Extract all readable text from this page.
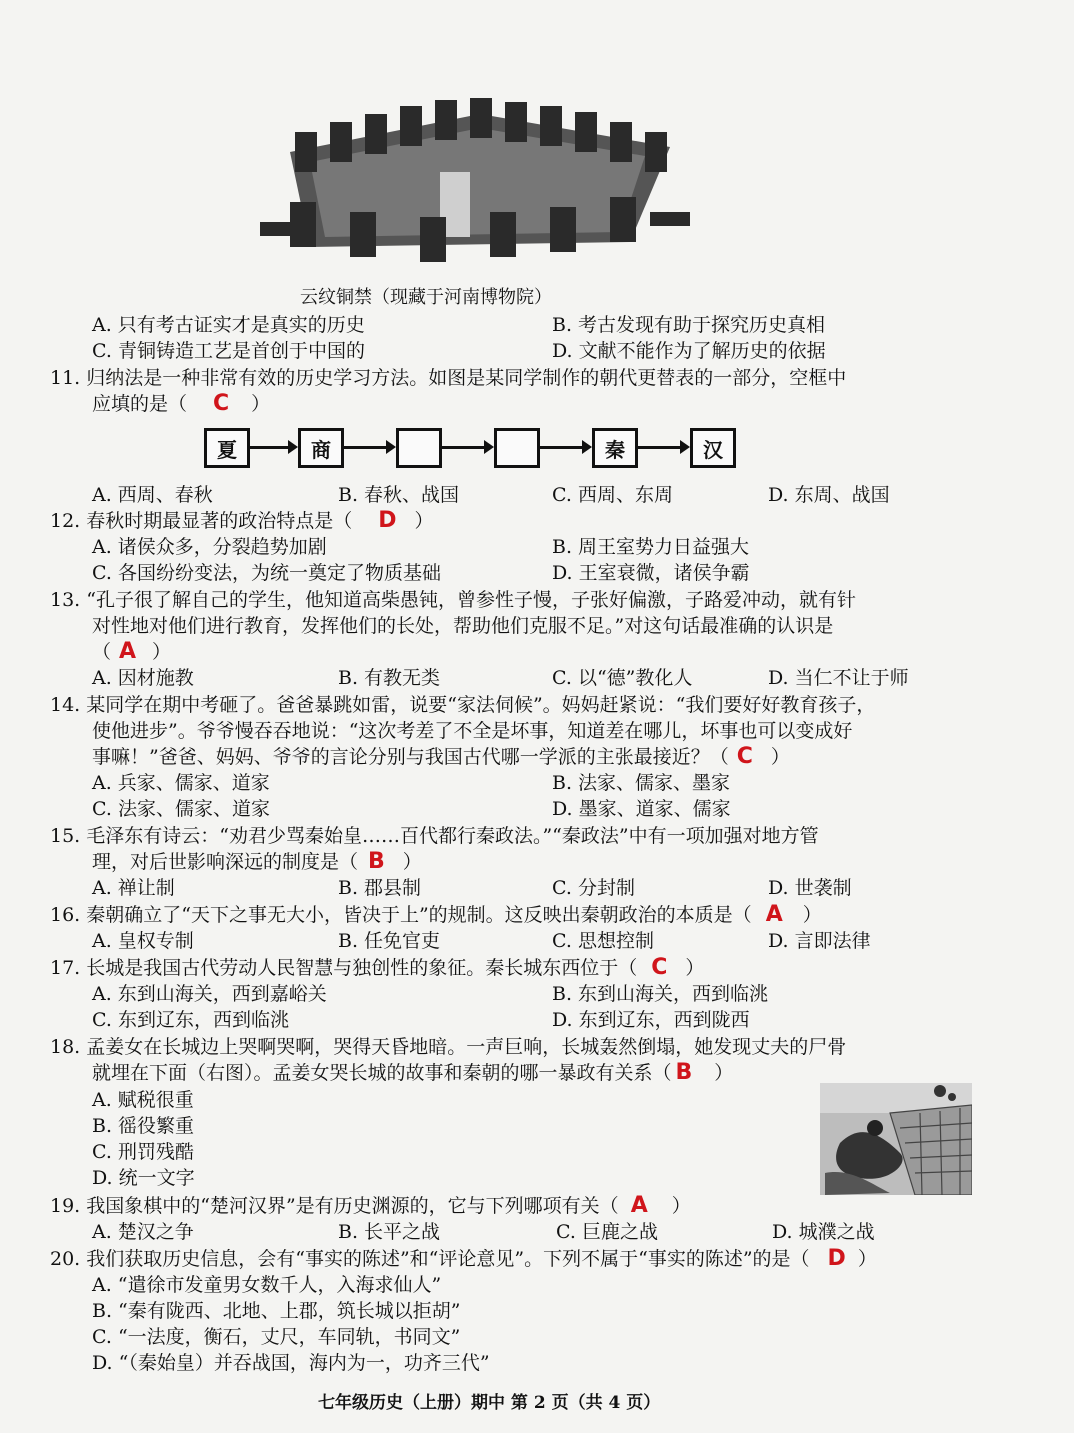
云纹铜禁（现藏于河南博物院）
A. 只有考古证实才是真实的历史	B. 考古发现有助于探究历史真相
C. 青铜铸造工艺是首创于中国的	D. 文献不能作为了解历史的依据
11. 归纳法是一种非常有效的历史学习方法。如图是某同学制作的朝代更替表的一部分，空框中
应填的是（ C ）
夏	商	秦	汉
A. 西周、春秋	B. 春秋、战国	C. 西周、东周	D. 东周、战国
12. 春秋时期最显著的政治特点是（ D ）
A. 诸侯众多，分裂趋势加剧	B. 周王室势力日益强大
C. 各国纷纷变法，为统一奠定了物质基础	D. 王室衰微，诸侯争霸
13. “孔子很了解自己的学生，他知道高柴愚钝，曾参性子慢，子张好偏激，子路爱冲动，就有针
对性地对他们进行教育，发挥他们的长处，帮助他们克服不足。”对这句话最准确的认识是
（ A ）
A. 因材施教	B. 有教无类	C. 以“德”教化人	D. 当仁不让于师
14. 某同学在期中考砸了。爸爸暴跳如雷，说要“家法伺候”。妈妈赶紧说：“我们要好好教育孩子，
使他进步”。爷爷慢吞吞地说：“这次考差了不全是坏事，知道差在哪儿，坏事也可以变成好
事嘛！”爸爸、妈妈、爷爷的言论分别与我国古代哪一学派的主张最接近？（ C ）
A. 兵家、儒家、道家	B. 法家、儒家、墨家
C. 法家、儒家、道家	D. 墨家、道家、儒家
15. 毛泽东有诗云：“劝君少骂秦始皇……百代都行秦政法。”“秦政法”中有一项加强对地方管
理，对后世影响深远的制度是（ B ）
A. 禅让制	B. 郡县制	C. 分封制	D. 世袭制
16. 秦朝确立了“天下之事无大小，皆决于上”的规制。这反映出秦朝政治的本质是（ A ）
A. 皇权专制	B. 任免官吏	C. 思想控制	D. 言即法律
17. 长城是我国古代劳动人民智慧与独创性的象征。秦长城东西位于（ C ）
A. 东到山海关，西到嘉峪关	B. 东到山海关，西到临洮
C. 东到辽东，西到临洮	D. 东到辽东，西到陇西
18. 孟姜女在长城边上哭啊哭啊，哭得天昏地暗。一声巨响，长城轰然倒塌，她发现丈夫的尸骨
就埋在下面（右图）。孟姜女哭长城的故事和秦朝的哪一暴政有关系（ B ）
A. 赋税很重
B. 徭役繁重
C. 刑罚残酷
D. 统一文字
19. 我国象棋中的“楚河汉界”是有历史渊源的，它与下列哪项有关（ A ）
A. 楚汉之争	B. 长平之战	C. 巨鹿之战	D. 城濮之战
20. 我们获取历史信息，会有“事实的陈述”和“评论意见”。下列不属于“事实的陈述”的是（ D ）
A. “遣徐市发童男女数千人，入海求仙人”
B. “秦有陇西、北地、上郡，筑长城以拒胡”
C. “一法度，衡石，丈尺，车同轨，书同文”
D. “（秦始皇）并吞战国，海内为一，功齐三代”
七年级历史（上册）期中 第 2 页（共 4 页）
